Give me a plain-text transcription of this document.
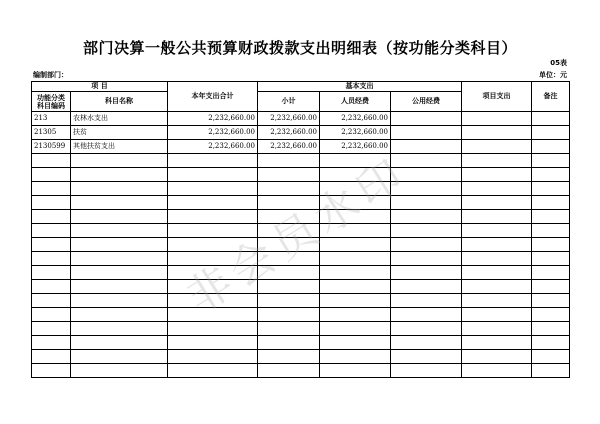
部门决算一般公共预算财政拨款支出明细表（按功能分类科目）
05表
编制部门：	单位：元
项 目		本年支出合计	基本支出			项目支出	备注
功能分类科目编码	科目名称		小计	人员经费	公用经费		

213	农林水支出	2,232,660.00	2,232,660.00	2,232,660.00			
21305	扶贫	2,232,660.00	2,232,660.00	2,232,660.00			
2130599	其他扶贫支出	2,232,660.00	2,232,660.00	2,232,660.00			

非会员水印
